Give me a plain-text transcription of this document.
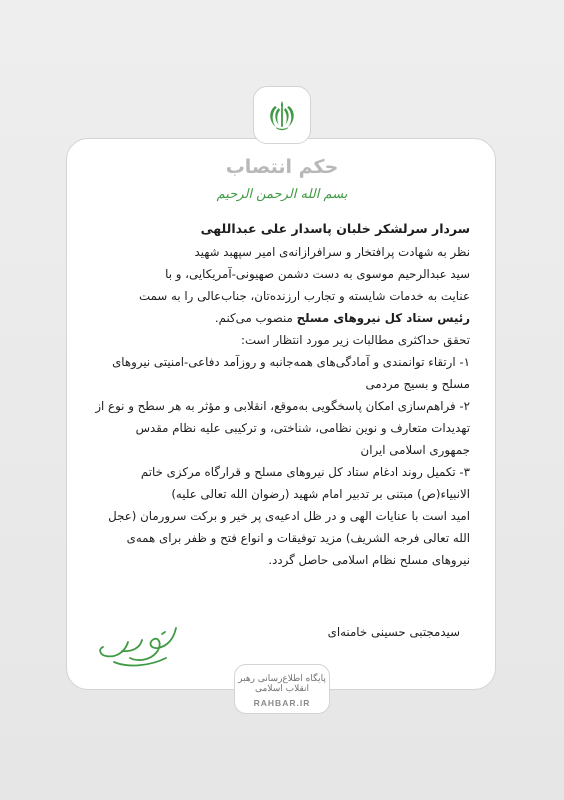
حکم انتصاب
بسم الله الرحمن الرحیم

سردار سرلشکر خلبان پاسدار علی عبداللهی

نظر به شهادت پرافتخار و سرافرازانه‌ی امیر سپهبد شهید

سید عبدالرحیم موسوی به دست دشمن صهیونی-آمریکایی، و با

عنایت به خدمات شایسته و تجارب ارزنده‌تان، جناب‌عالی را به سمت

رئیس ستاد کل نیروهای مسلح منصوب می‌کنم.

تحقق حداکثری مطالبات زیر مورد انتظار است:

۱- ارتقاء توانمندی و آمادگی‌های همه‌جانبه و روزآمد دفاعی-امنیتی نیروهای مسلح و بسیج مردمی

۲- فراهم‌سازی امکان پاسخگویی به‌موقع، انقلابی و مؤثر به هر سطح و نوع از تهدیدات متعارف و نوین نظامی، شناختی، و ترکیبی علیه نظام مقدس جمهوری اسلامی ایران

۳- تکمیل روند ادغام ستاد کل نیروهای مسلح و قرارگاه مرکزی خاتم الانبیاء(ص) مبتنی بر تدبیر امام شهید (رضوان الله تعالی علیه)

امید است با عنایات الهی و در ظل ادعیه‌ی پر خیر و برکت سرورمان (عجل الله تعالی فرجه الشریف) مزید توفیقات و انواع فتح و ظفر برای همه‌ی نیروهای مسلح نظام اسلامی حاصل گردد.

سیدمجتبی حسینی خامنه‌ای
پایگاه اطلاع‌رسانی رهبر انقلاب اسلامی
RAHBAR.IR
